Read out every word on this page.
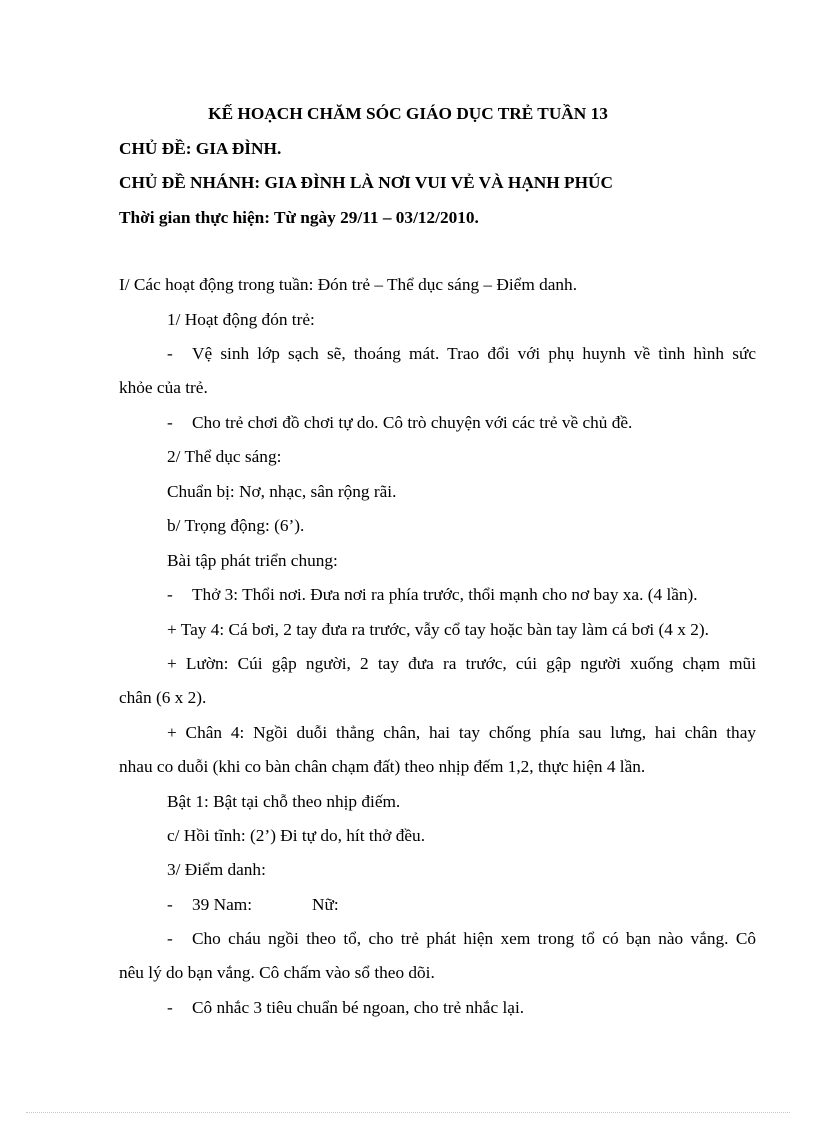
KẾ HOẠCH CHĂM SÓC GIÁO DỤC TRẺ TUẦN 13
CHỦ ĐỀ: GIA ĐÌNH.
CHỦ ĐỀ NHÁNH: GIA ĐÌNH LÀ NƠI VUI VẺ VÀ HẠNH PHÚC
Thời gian thực hiện: Từ ngày 29/11 – 03/12/2010.
I/ Các hoạt động trong tuần: Đón trẻ – Thể dục sáng – Điểm danh.
1/ Hoạt động đón trẻ:
- Vệ sinh lớp sạch sẽ, thoáng mát. Trao đổi với phụ huynh về tình hình sức
khỏe của trẻ.
- Cho trẻ chơi đồ chơi tự do. Cô trò chuyện với các trẻ về chủ đề.
2/ Thể dục sáng:
Chuẩn bị: Nơ, nhạc, sân rộng rãi.
b/ Trọng động: (6’).
Bài tập phát triển chung:
- Thở 3: Thổi nơi. Đưa nơi ra phía trước, thổi mạnh cho nơ bay xa. (4 lần).
+ Tay 4: Cá bơi, 2 tay đưa ra trước, vẫy cổ tay hoặc bàn tay làm cá bơi (4 x 2).
+ Lườn: Cúi gập người, 2 tay đưa ra trước, cúi gập người xuống chạm mũi
chân (6 x 2).
+ Chân 4: Ngồi duỗi thẳng chân, hai tay chống phía sau lưng, hai chân thay
nhau co duỗi (khi co bàn chân chạm đất) theo nhịp đếm 1,2, thực hiện 4 lần.
Bật 1: Bật tại chỗ theo nhịp điếm.
c/ Hồi tĩnh: (2’) Đi tự do, hít thở đều.
3/ Điểm danh:
- 39 Nam:	Nữ:
- Cho cháu ngồi theo tổ, cho trẻ phát hiện xem trong tổ có bạn nào vắng. Cô
nêu lý do bạn vắng. Cô chấm vào sổ theo dõi.
- Cô nhắc 3 tiêu chuẩn bé ngoan, cho trẻ nhắc lại.
